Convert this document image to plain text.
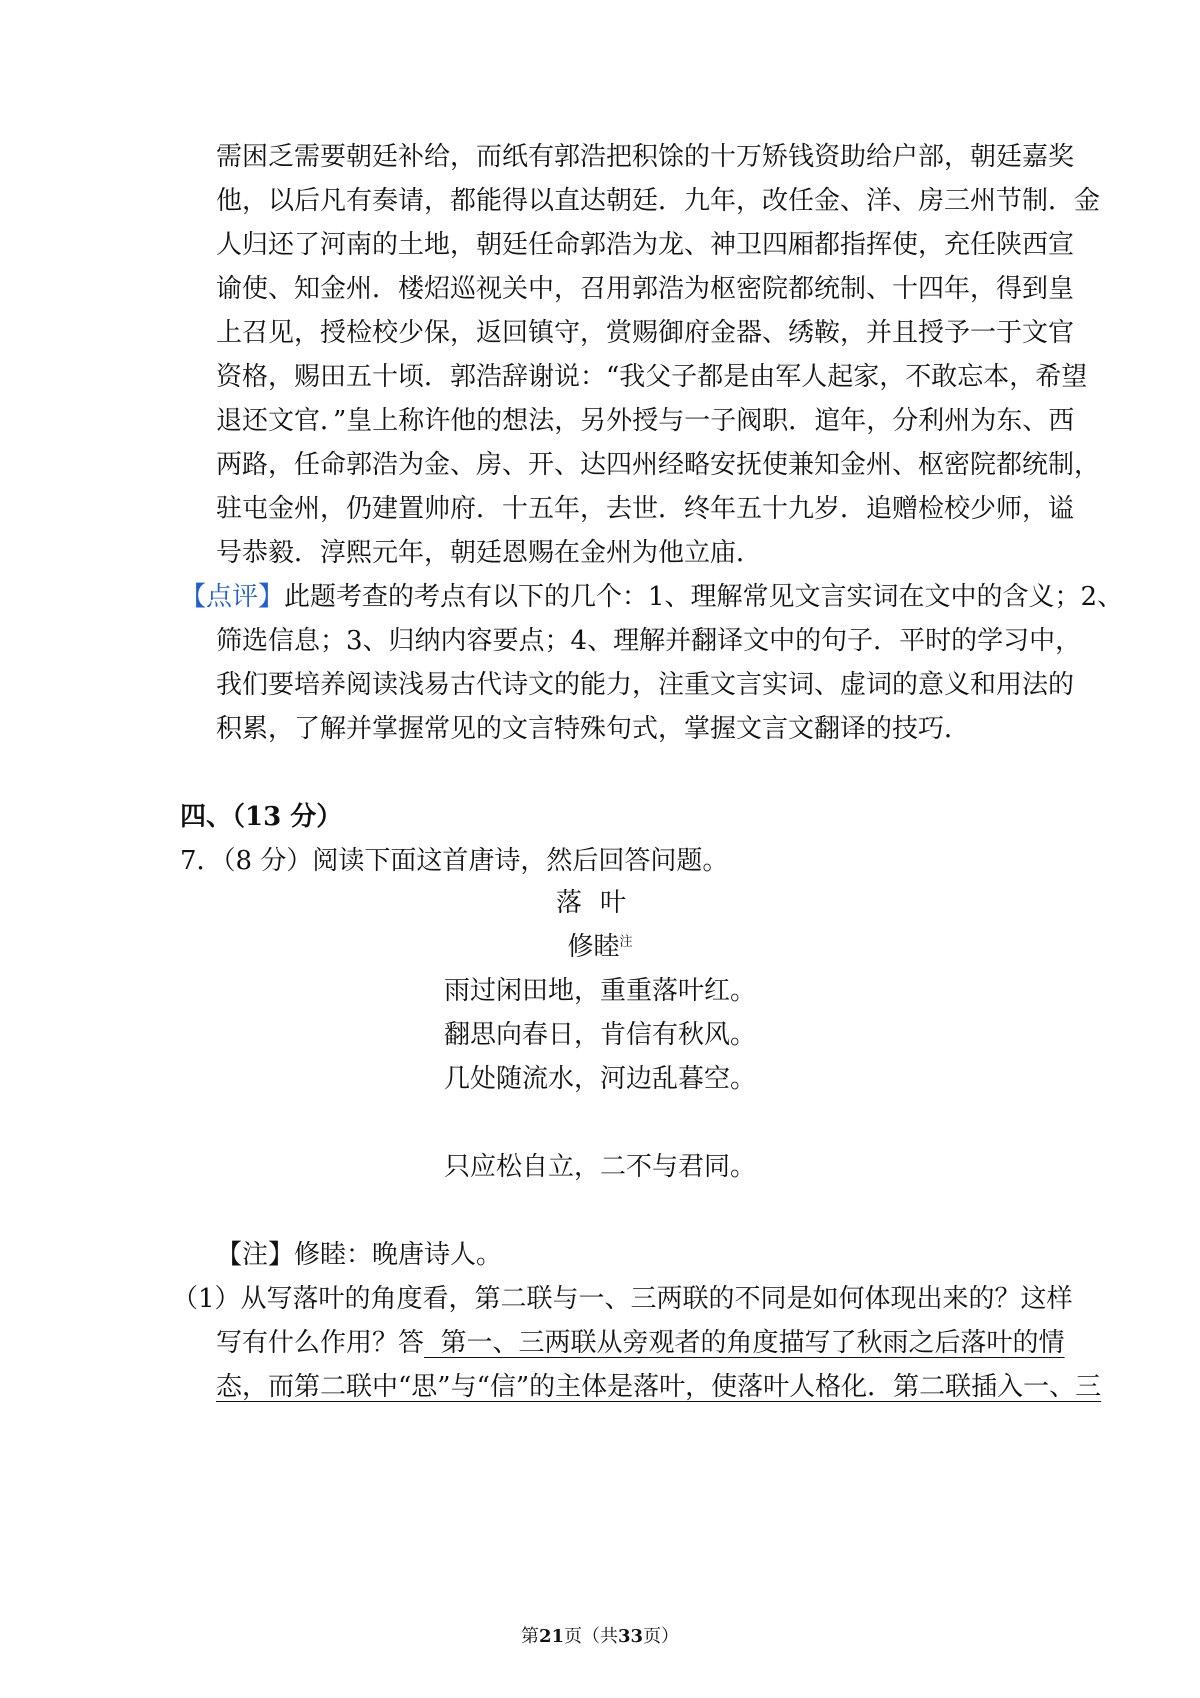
需困乏需要朝廷补给，而纸有郭浩把积馀的十万矫钱资助给户部，朝廷嘉奖
他，以后凡有奏请，都能得以直达朝廷．九年，改任金、洋、房三州节制．金
人归还了河南的土地，朝廷任命郭浩为龙、神卫四厢都指挥使，充任陕西宣
谕使、知金州．楼炤巡视关中，召用郭浩为枢密院都统制、十四年，得到皇
上召见，授检校少保，返回镇守，赏赐御府金器、绣鞍，并且授予一于文官
资格，赐田五十顷．郭浩辞谢说：“我父子都是由军人起家，不敢忘本，希望
退还文官．”皇上称许他的想法，另外授与一子阀职．逭年，分利州为东、西
两路，任命郭浩为金、房、开、达四州经略安抚使兼知金州、枢密院都统制，
驻屯金州，仍建置帅府．十五年，去世．终年五十九岁．追赠检校少师，谥
号恭毅．淳熙元年，朝廷恩赐在金州为他立庙．
【点评】此题考查的考点有以下的几个：1、理解常见文言实词在文中的含义；2、
筛选信息；3、归纳内容要点；4、理解并翻译文中的句子．平时的学习中，
我们要培养阅读浅易古代诗文的能力，注重文言实词、虚词的意义和用法的
积累，了解并掌握常见的文言特殊句式，掌握文言文翻译的技巧．
四、（13 分）
7．（8 分）阅读下面这首唐诗，然后回答问题。
落叶
修睦$^注$
雨过闲田地，重重落叶红。
翻思向春日，肯信有秋风。
几处随流水，河边乱暮空。
只应松自立，二不与君同。
【注】修睦：晚唐诗人。
（1）从写落叶的角度看，第二联与一、三两联的不同是如何体现出来的？这样
写有什么作用？答  第一、三两联从旁观者的角度描写了秋雨之后落叶的情
态，而第二联中“思”与“信”的主体是落叶，使落叶人格化．第二联插入一、三
第21页（共33页）
